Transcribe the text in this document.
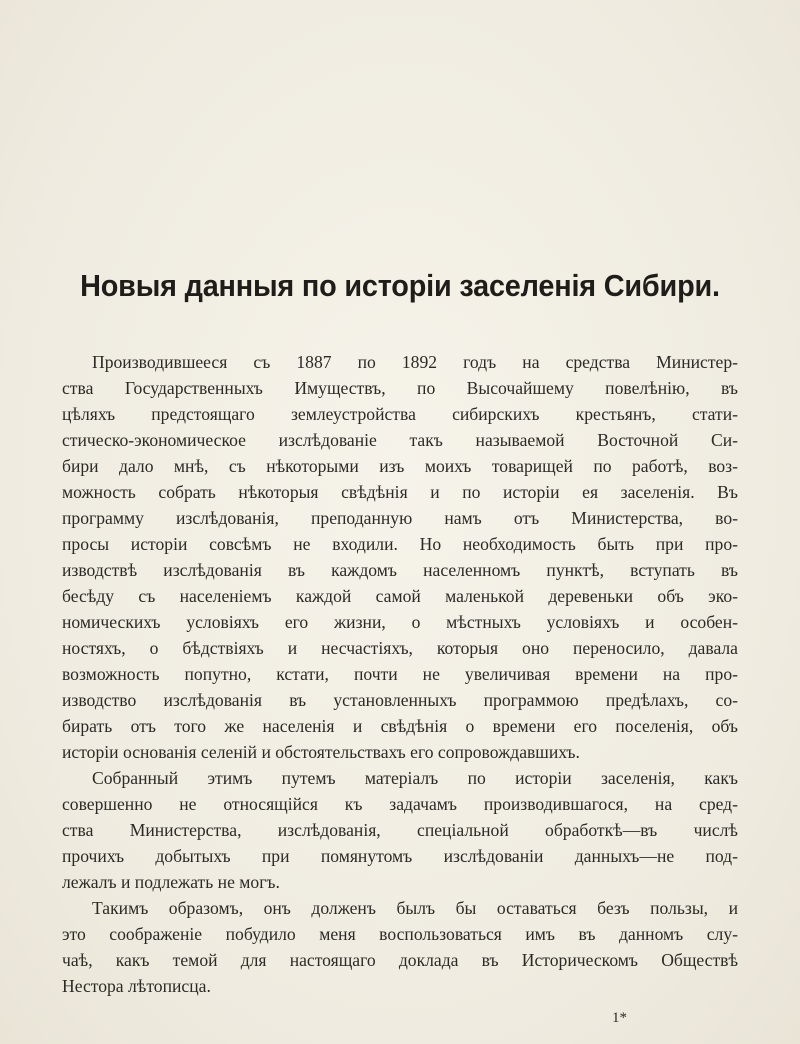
Новыя данныя по исторіи заселенія Сибири.
Производившееся съ 1887 по 1892 годъ на средства Министер-
ства Государственныхъ Имуществъ, по Высочайшему повелѣнію, въ
цѣляхъ предстоящаго землеустройства сибирскихъ крестьянъ, стати-
стическо-экономическое изслѣдованіе такъ называемой Восточной Си-
бири дало мнѣ, съ нѣкоторыми изъ моихъ товарищей по работѣ, воз-
можность собрать нѣкоторыя свѣдѣнія и по исторіи ея заселенія. Въ
программу изслѣдованія, преподанную намъ отъ Министерства, во-
просы исторіи совсѣмъ не входили. Но необходимость быть при про-
изводствѣ изслѣдованія въ каждомъ населенномъ пунктѣ, вступать въ
бесѣду съ населеніемъ каждой самой маленькой деревеньки объ эко-
номическихъ условіяхъ его жизни, о мѣстныхъ условіяхъ и особен-
ностяхъ, о бѣдствіяхъ и несчастіяхъ, которыя оно переносило, давала
возможность попутно, кстати, почти не увеличивая времени на про-
изводство изслѣдованія въ установленныхъ программою предѣлахъ, со-
бирать отъ того же населенія и свѣдѣнія о времени его поселенія, объ
исторіи основанія селеній и обстоятельствахъ его сопровождавшихъ.
Собранный этимъ путемъ матеріалъ по исторіи заселенія, какъ
совершенно не относящійся къ задачамъ производившагося, на сред-
ства Министерства, изслѣдованія, спеціальной обработкѣ—въ числѣ
прочихъ добытыхъ при помянутомъ изслѣдованіи данныхъ—не под-
лежалъ и подлежать не могъ.
Такимъ образомъ, онъ долженъ былъ бы оставаться безъ пользы, и
это соображеніе побудило меня воспользоваться имъ въ данномъ слу-
чаѣ, какъ темой для настоящаго доклада въ Историческомъ Обществѣ
Нестора лѣтописца.
1*
